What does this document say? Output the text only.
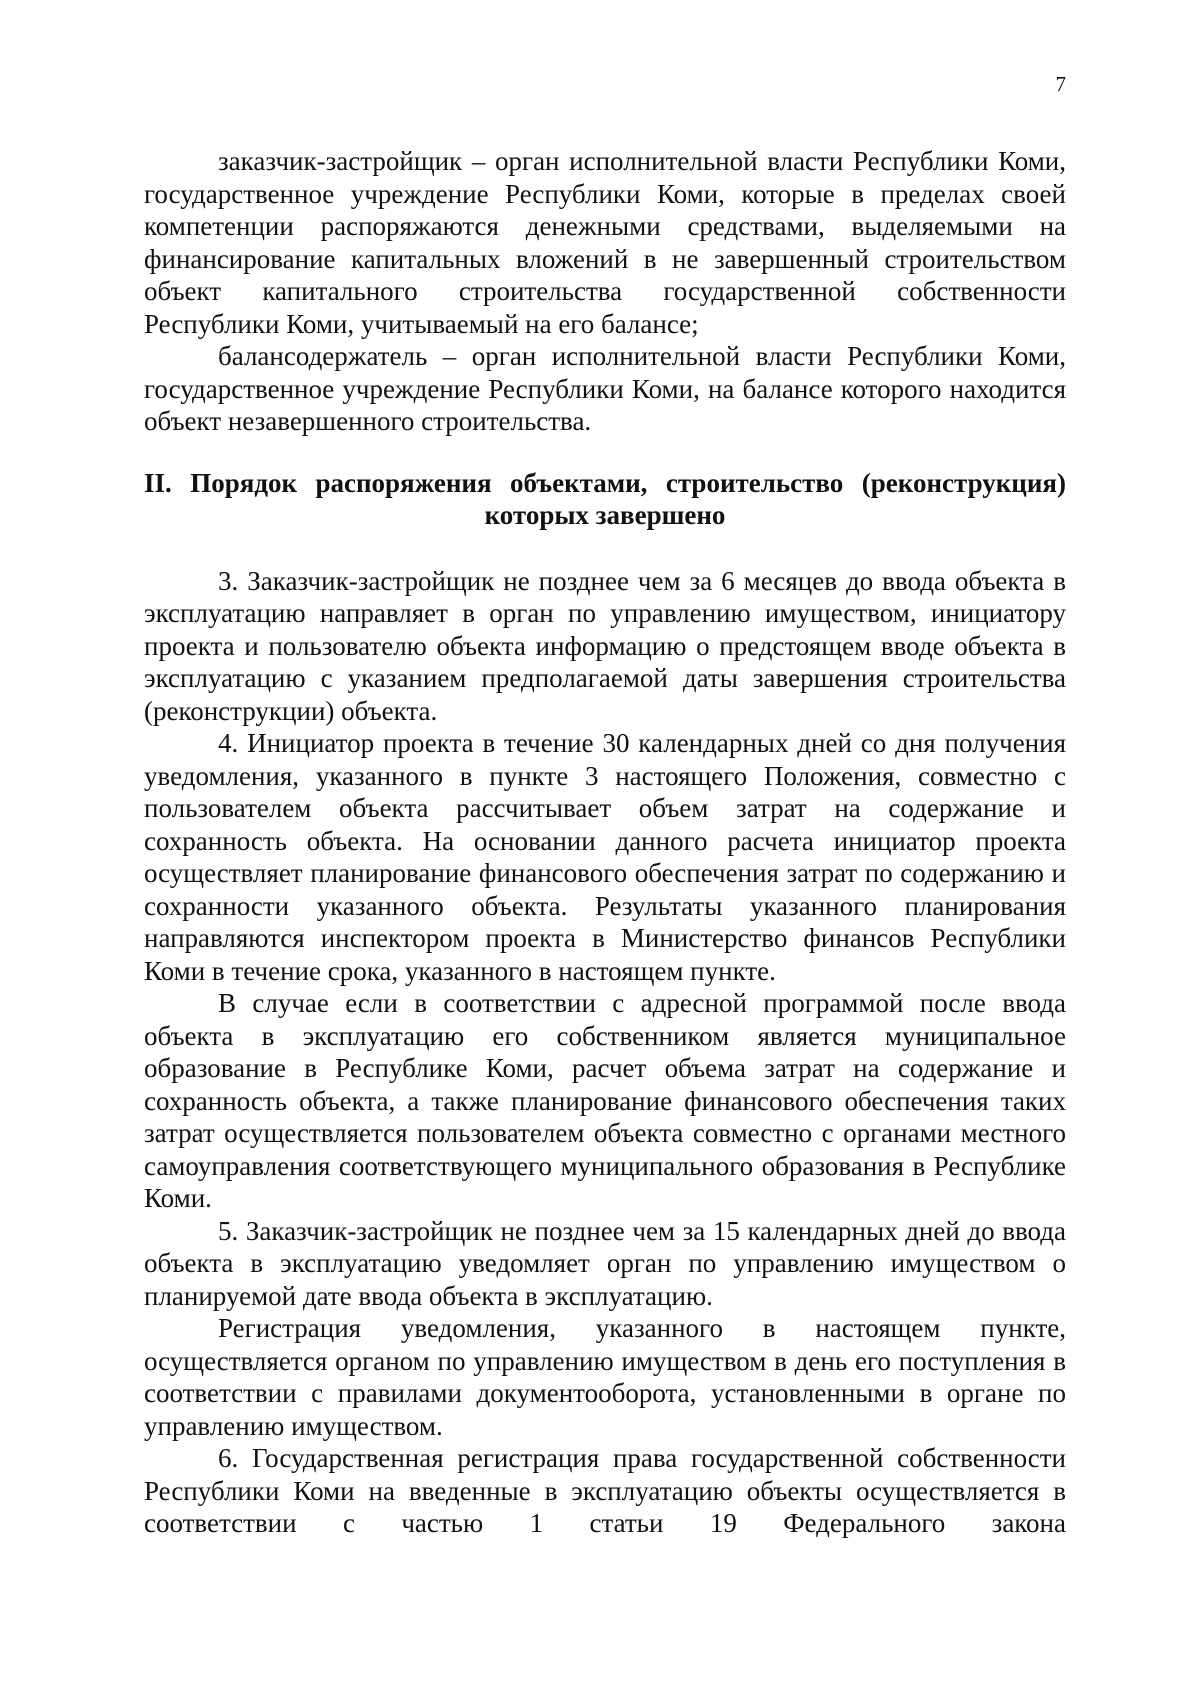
7

заказчик-застройщик – орган исполнительной власти Республики Коми, государственное учреждение Республики Коми, которые в пределах своей компетенции распоряжаются денежными средствами, выделяемыми на финансирование капитальных вложений в не завершенный строительством объект капитального строительства государственной собственности Республики Коми, учитываемый на его балансе;

балансодержатель – орган исполнительной власти Республики Коми, государственное учреждение Республики Коми, на балансе которого находится объект незавершенного строительства.

II. Порядок распоряжения объектами, строительство (реконструкция)
которых завершено

3. Заказчик-застройщик не позднее чем за 6 месяцев до ввода объекта в эксплуатацию направляет в орган по управлению имуществом, инициатору проекта и пользователю объекта информацию о предстоящем вводе объекта в эксплуатацию с указанием предполагаемой даты завершения строительства (реконструкции) объекта.

4. Инициатор проекта в течение 30 календарных дней со дня получения уведомления, указанного в пункте 3 настоящего Положения, совместно с пользователем объекта рассчитывает объем затрат на содержание и сохранность объекта. На основании данного расчета инициатор проекта осуществляет планирование финансового обеспечения затрат по содержанию и сохранности указанного объекта. Результаты указанного планирования направляются инспектором проекта в Министерство финансов Республики Коми в течение срока, указанного в настоящем пункте.

В случае если в соответствии с адресной программой после ввода объекта в эксплуатацию его собственником является муниципальное образование в Республике Коми, расчет объема затрат на содержание и сохранность объекта, а также планирование финансового обеспечения таких затрат осуществляется пользователем объекта совместно с органами местного самоуправления соответствующего муниципального образования в Республике Коми.

5. Заказчик-застройщик не позднее чем за 15 календарных дней до ввода объекта в эксплуатацию уведомляет орган по управлению имуществом о планируемой дате ввода объекта в эксплуатацию.

Регистрация уведомления, указанного в настоящем пункте, осуществляется органом по управлению имуществом в день его поступления в соответствии с правилами документооборота, установленными в органе по управлению имуществом.

6. Государственная регистрация права государственной собственности Республики Коми на введенные в эксплуатацию объекты осуществляется в соответствии с частью 1 статьи 19 Федерального закона
